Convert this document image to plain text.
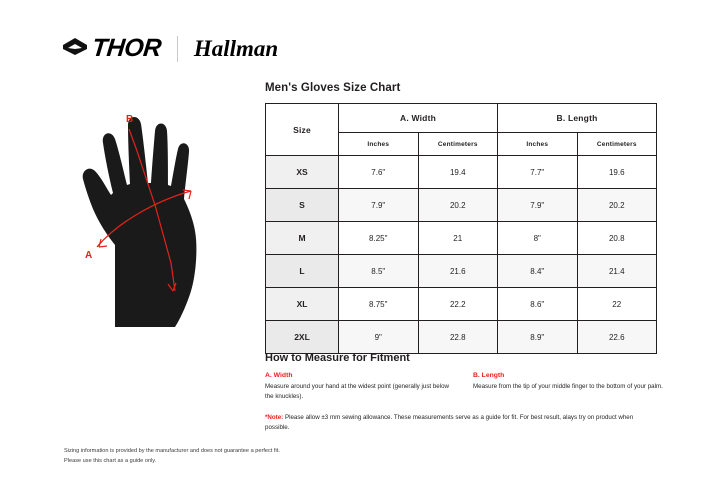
THOR Hallman
B
A
Men's Gloves Size Chart
Size	A. Width		B. Length	
	Inches	Centimeters	Inches	Centimeters
XS	7.6"	19.4	7.7"	19.6
S	7.9"	20.2	7.9"	20.2
M	8.25"	21	8"	20.8
L	8.5"	21.6	8.4"	21.4
XL	8.75"	22.2	8.6"	22
2XL	9"	22.8	8.9"	22.6
How to Measure for Fitment
A. Width
Measure around your hand at the widest point (generally just below the knuckles).
B. Length
Measure from the tip of your middle finger to the bottom of your palm.
*Note: Please allow ±3 mm sewing allowance. These measurements serve as a guide for fit. For best result, alays try on product when possible.
Sizing information is provided by the manufacturer and does not guarantee a perfect fit.
Please use this chart as a guide only.
